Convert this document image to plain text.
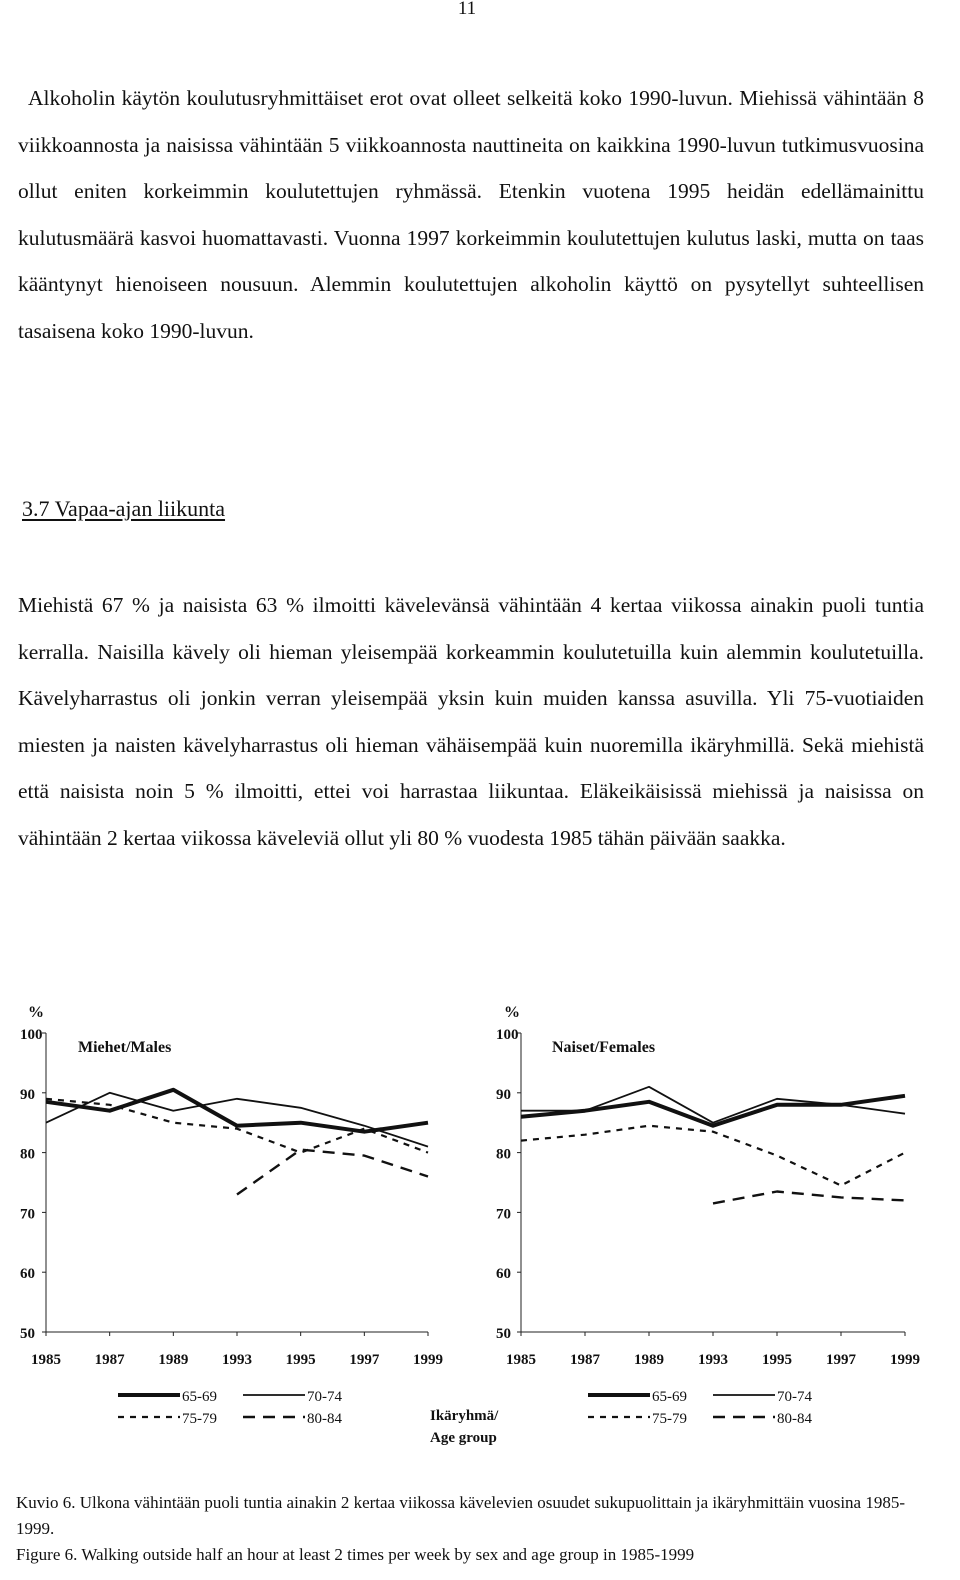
11

Alkoholin käytön koulutusryhmittäiset erot ovat olleet selkeitä koko 1990-luvun. Miehissä vähintään 8 viikkoannosta ja naisissa vähintään 5 viikkoannosta nauttineita on kaikkina 1990-luvun tutkimusvuosina ollut eniten korkeimmin koulutettujen ryhmässä. Etenkin vuotena 1995 heidän edellämainittu kulutusmäärä kasvoi huomattavasti. Vuonna 1997 korkeimmin koulutettujen kulutus laski, mutta on taas kääntynyt hienoiseen nousuun. Alemmin koulutettujen alkoholin käyttö on pysytellyt suhteellisen tasaisena koko 1990-luvun.

3.7 Vapaa-ajan liikunta

Miehistä 67 % ja naisista 63 % ilmoitti kävelevänsä vähintään 4 kertaa viikossa ainakin puoli tuntia kerralla. Naisilla kävely oli hieman yleisempää korkeammin koulutetuilla kuin alemmin koulutetuilla. Kävelyharrastus oli jonkin verran yleisempää yksin kuin muiden kanssa asuvilla. Yli 75-vuotiaiden miesten ja naisten kävelyharrastus oli hieman vähäisempää kuin nuoremilla ikäryhmillä. Sekä miehistä että naisista noin 5 % ilmoitti, ettei voi harrastaa liikuntaa. Eläkeikäisissä miehissä ja naisissa on vähintään 2 kertaa viikossa käveleviä ollut yli 80 % vuodesta 1985 tähän päivään saakka.

100
90
80
70
60
50
%
1985 1987 1989 1993 1995 1997 1999
Miehet/Males
100
90
80
70
60
50
%
1985 1987 1989 1993 1995 1997 1999
Naiset/Females
65-69	70-74
75-79	80-84
65-69	70-74
75-79	80-84
Ikäryhmä/
Age group

Kuvio 6. Ulkona vähintään puoli tuntia ainakin 2 kertaa viikossa kävelevien osuudet sukupuolittain ja ikäryhmittäin vuosina 1985-1999.

Figure 6. Walking outside half an hour at least 2 times per week by sex and age group in 1985-1999
